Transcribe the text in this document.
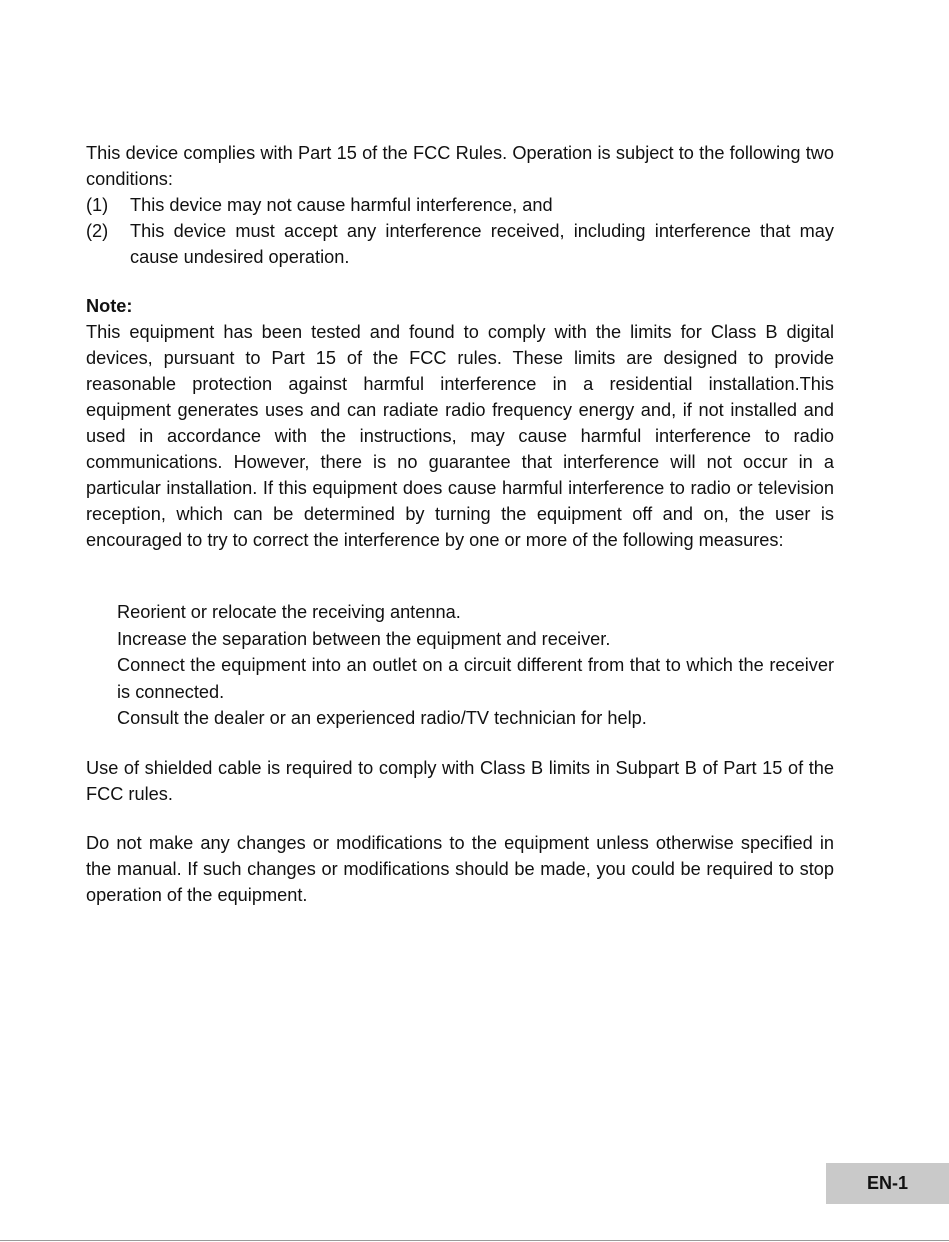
This device complies with Part 15 of the FCC Rules. Operation is subject to the following two conditions:

(1)	This device may not cause harmful interference, and
(2)	This device must accept any interference received, including interference that may cause undesired operation.

Note:

This equipment has been tested and found to comply with the limits for Class B digital devices, pursuant to Part 15 of the FCC rules. These limits are designed to provide reasonable protection against harmful interference in a residential installation.This equipment generates uses and can radiate radio frequency energy and, if not installed and used in accordance with the instructions, may cause harmful interference to radio communications. However, there is no guarantee that interference will not occur in a particular installation. If this equipment does cause harmful interference to radio or television reception, which can be determined by turning the equipment off and on, the user is encouraged to try to correct the interference by one or more of the following measures:

Reorient or relocate the receiving antenna.
Increase the separation between the equipment and receiver.
Connect the equipment into an outlet on a circuit different from that to which the receiver is connected.
Consult the dealer or an experienced radio/TV technician for help.

Use of shielded cable is required to comply with Class B limits in Subpart B of Part 15 of the FCC rules.

Do not make any changes or modifications to the equipment unless otherwise specified in the manual. If such changes or modifications should be made, you could be required to stop operation of the equipment.

EN-1
